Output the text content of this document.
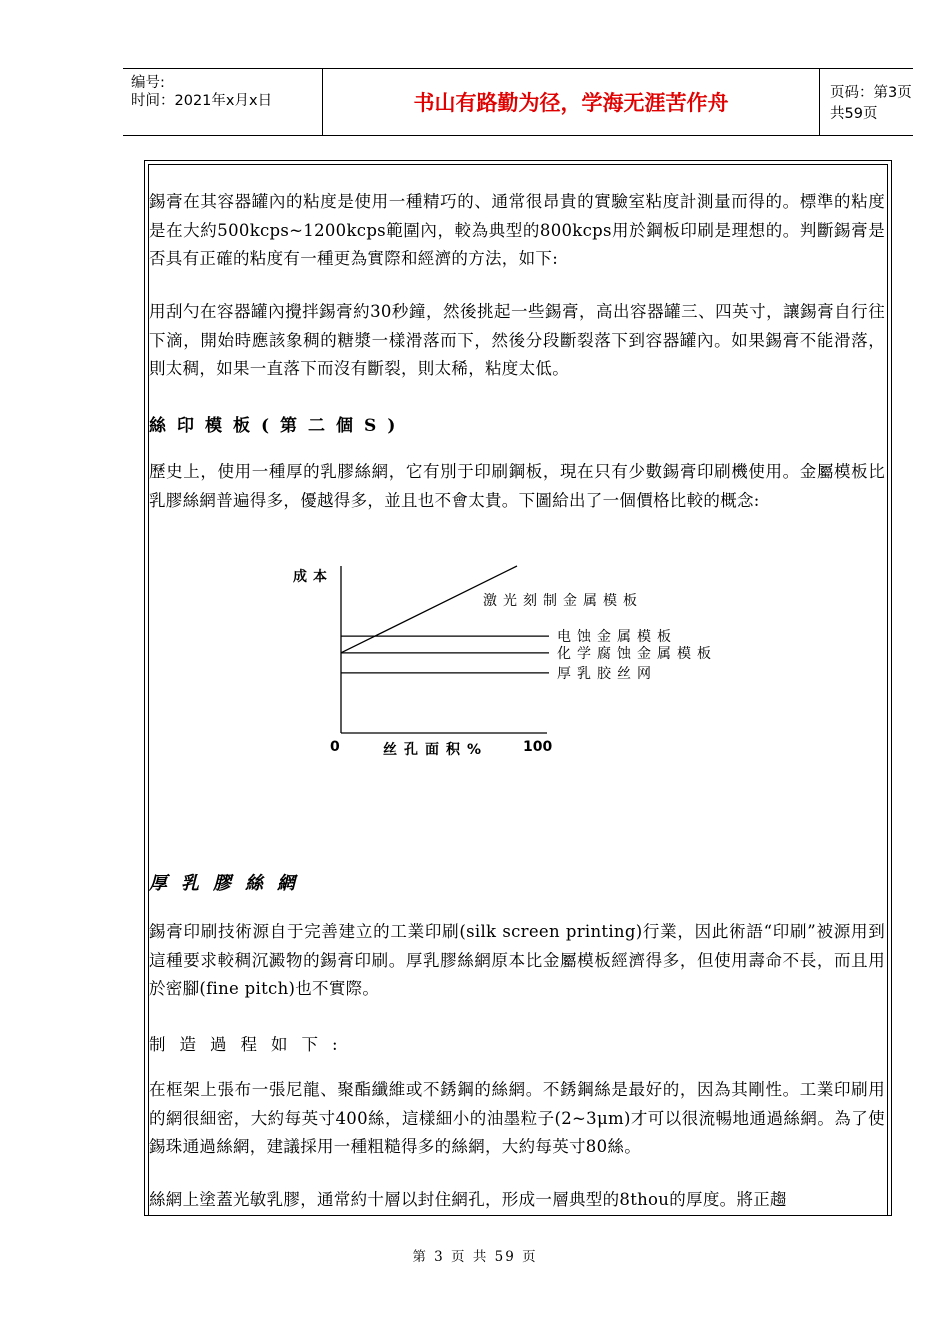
编号:
时间：2021年x月x日	书山有路勤为径，学海无涯苦作舟	页码：第3页 共59页
錫膏在其容器罐內的粘度是使用一種精巧的、通常很昂貴的實驗室粘度計測量而得的。標準的粘度是在大約500kcps~1200kcps範圍內，較為典型的800kcps用於鋼板印刷是理想的。判斷錫膏是否具有正確的粘度有一種更為實際和經濟的方法，如下:
用刮勺在容器罐內攪拌錫膏約30秒鐘，然後挑起一些錫膏，高出容器罐三、四英寸，讓錫膏自行往下滴，開始時應該象稠的糖漿一樣滑落而下，然後分段斷裂落下到容器罐內。如果錫膏不能滑落，則太稠，如果一直落下而沒有斷裂，則太稀，粘度太低。
絲印模板(第二個S)
歷史上，使用一種厚的乳膠絲網，它有別于印刷鋼板，現在只有少數錫膏印刷機使用。金屬模板比乳膠絲網普遍得多，優越得多，並且也不會太貴。下圖給出了一個價格比較的概念:
成本
丝孔面积%
0	100
激光刻制金属模板
电蚀金属模板
化学腐蚀金属模板
厚乳胶丝网
厚乳膠絲網
錫膏印刷技術源自于完善建立的工業印刷(silk screen printing)行業，因此術語“印刷”被源用到這種要求較稠沉澱物的錫膏印刷。厚乳膠絲網原本比金屬模板經濟得多，但使用壽命不長，而且用於密腳(fine pitch)也不實際。
制造過程如下:
在框架上張布一張尼龍、聚酯纖維或不銹鋼的絲網。不銹鋼絲是最好的，因為其剛性。工業印刷用的網很細密，大約每英寸400絲，這樣細小的油墨粒子(2~3μm)才可以很流暢地通過絲網。為了使錫珠通過絲網，建議採用一種粗糙得多的絲網，大約每英寸80絲。
絲網上塗蓋光敏乳膠，通常約十層以封住網孔，形成一層典型的8thou的厚度。將正趨
第 3 页 共 59 页
